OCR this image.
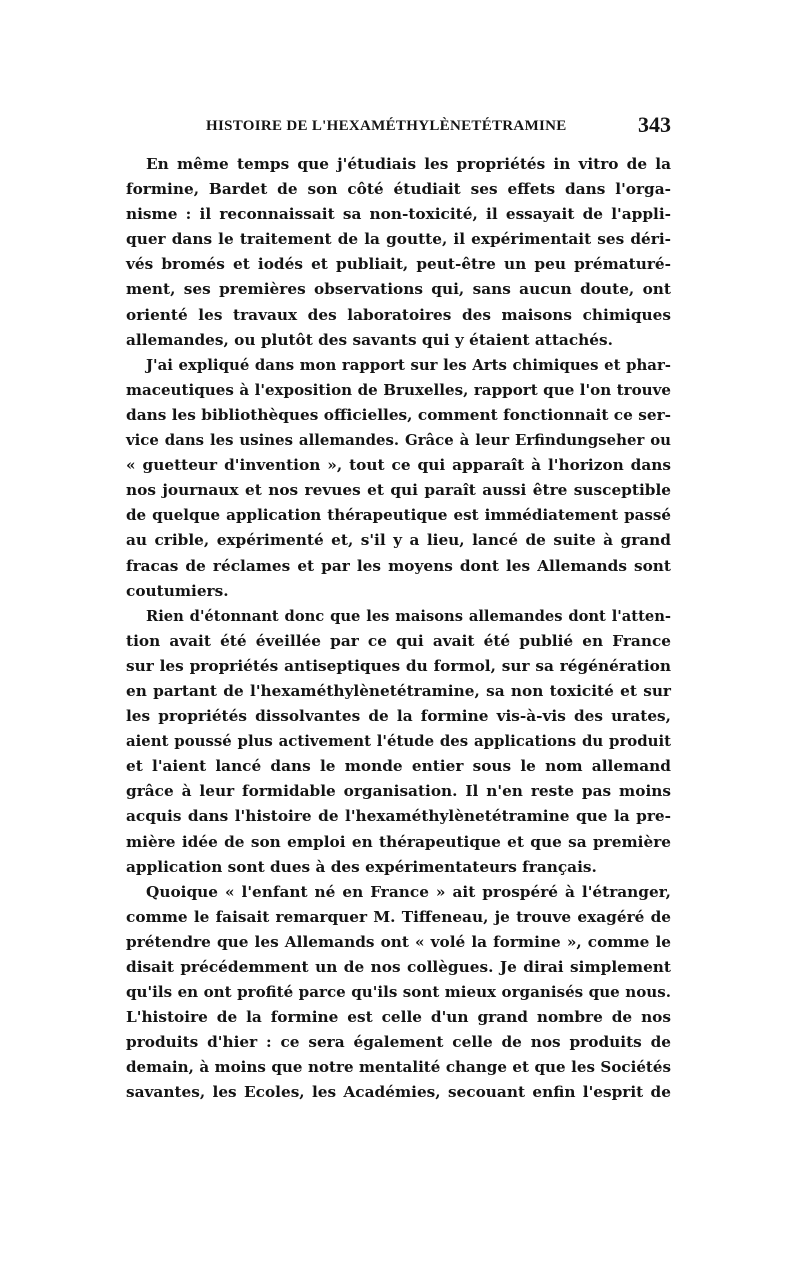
HISTOIRE DE L'HEXAMÉTHYLÈNETÉTRAMINE	343
En même temps que j'étudiais les propriétés in vitro de la
formine, Bardet de son côté étudiait ses effets dans l'orga-
nisme : il reconnaissait sa non-toxicité, il essayait de l'appli-
quer dans le traitement de la goutte, il expérimentait ses déri-
vés bromés et iodés et publiait, peut-être un peu prématuré-
ment, ses premières observations qui, sans aucun doute, ont
orienté les travaux des laboratoires des maisons chimiques
allemandes, ou plutôt des savants qui y étaient attachés.
J'ai expliqué dans mon rapport sur les Arts chimiques et phar-
maceutiques à l'exposition de Bruxelles, rapport que l'on trouve
dans les bibliothèques officielles, comment fonctionnait ce ser-
vice dans les usines allemandes. Grâce à leur Erfindungseher ou
« guetteur d'invention », tout ce qui apparaît à l'horizon dans
nos journaux et nos revues et qui paraît aussi être susceptible
de quelque application thérapeutique est immédiatement passé
au crible, expérimenté et, s'il y a lieu, lancé de suite à grand
fracas de réclames et par les moyens dont les Allemands sont
coutumiers.
Rien d'étonnant donc que les maisons allemandes dont l'atten-
tion avait été éveillée par ce qui avait été publié en France
sur les propriétés antiseptiques du formol, sur sa régénération
en partant de l'hexaméthylènetétramine, sa non toxicité et sur
les propriétés dissolvantes de la formine vis-à-vis des urates,
aient poussé plus activement l'étude des applications du produit
et l'aient lancé dans le monde entier sous le nom allemand
grâce à leur formidable organisation. Il n'en reste pas moins
acquis dans l'histoire de l'hexaméthylènetétramine que la pre-
mière idée de son emploi en thérapeutique et que sa première
application sont dues à des expérimentateurs français.
Quoique « l'enfant né en France » ait prospéré à l'étranger,
comme le faisait remarquer M. Tiffeneau, je trouve exagéré de
prétendre que les Allemands ont « volé la formine », comme le
disait précédemment un de nos collègues. Je dirai simplement
qu'ils en ont profité parce qu'ils sont mieux organisés que nous.
L'histoire de la formine est celle d'un grand nombre de nos
produits d'hier : ce sera également celle de nos produits de
demain, à moins que notre mentalité change et que les Sociétés
savantes, les Ecoles, les Académies, secouant enfin l'esprit de
